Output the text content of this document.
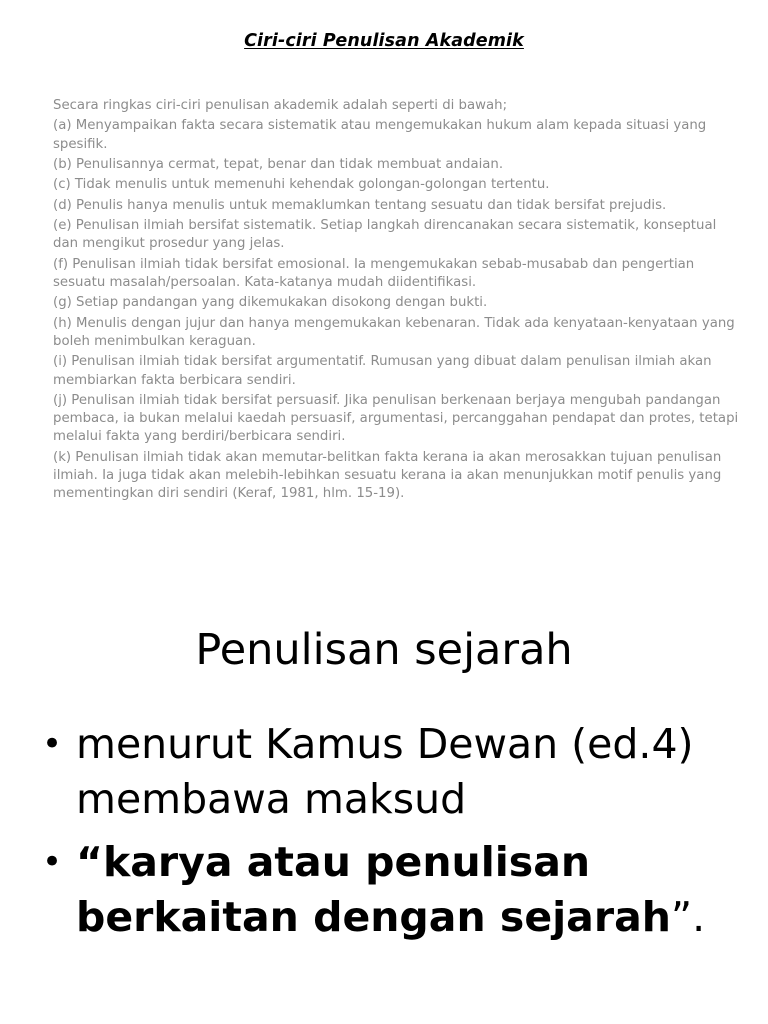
Ciri-ciri Penulisan Akademik
Secara ringkas ciri-ciri penulisan akademik adalah seperti di bawah;
(a) Menyampaikan fakta secara sistematik atau mengemukakan hukum alam kepada situasi yang spesifik.
(b) Penulisannya cermat, tepat, benar dan tidak membuat andaian.
(c) Tidak menulis untuk memenuhi kehendak golongan-golongan tertentu.
(d) Penulis hanya menulis untuk memaklumkan tentang sesuatu dan tidak bersifat prejudis.
(e) Penulisan ilmiah bersifat sistematik. Setiap langkah direncanakan secara sistematik, konseptual dan mengikut prosedur yang jelas.
(f) Penulisan ilmiah tidak bersifat emosional. Ia mengemukakan sebab-musabab dan pengertian sesuatu masalah/persoalan. Kata-katanya mudah diidentifikasi.
(g) Setiap pandangan yang dikemukakan disokong dengan bukti.
(h) Menulis dengan jujur dan hanya mengemukakan kebenaran. Tidak ada kenyataan-kenyataan yang boleh menimbulkan keraguan.
(i) Penulisan ilmiah tidak bersifat argumentatif. Rumusan yang dibuat dalam penulisan ilmiah akan membiarkan fakta berbicara sendiri.
(j) Penulisan ilmiah tidak bersifat persuasif. Jika penulisan berkenaan berjaya mengubah pandangan pembaca, ia bukan melalui kaedah persuasif, argumentasi, percanggahan pendapat dan protes, tetapi melalui fakta yang berdiri/berbicara sendiri.
(k) Penulisan ilmiah tidak akan memutar-belitkan fakta kerana ia akan merosakkan tujuan penulisan ilmiah. Ia juga tidak akan melebih-lebihkan sesuatu kerana ia akan menunjukkan motif penulis yang mementingkan diri sendiri (Keraf, 1981, hlm. 15-19).
Penulisan sejarah
• menurut Kamus Dewan (ed.4) membawa maksud
• “karya atau penulisan berkaitan dengan sejarah”.
